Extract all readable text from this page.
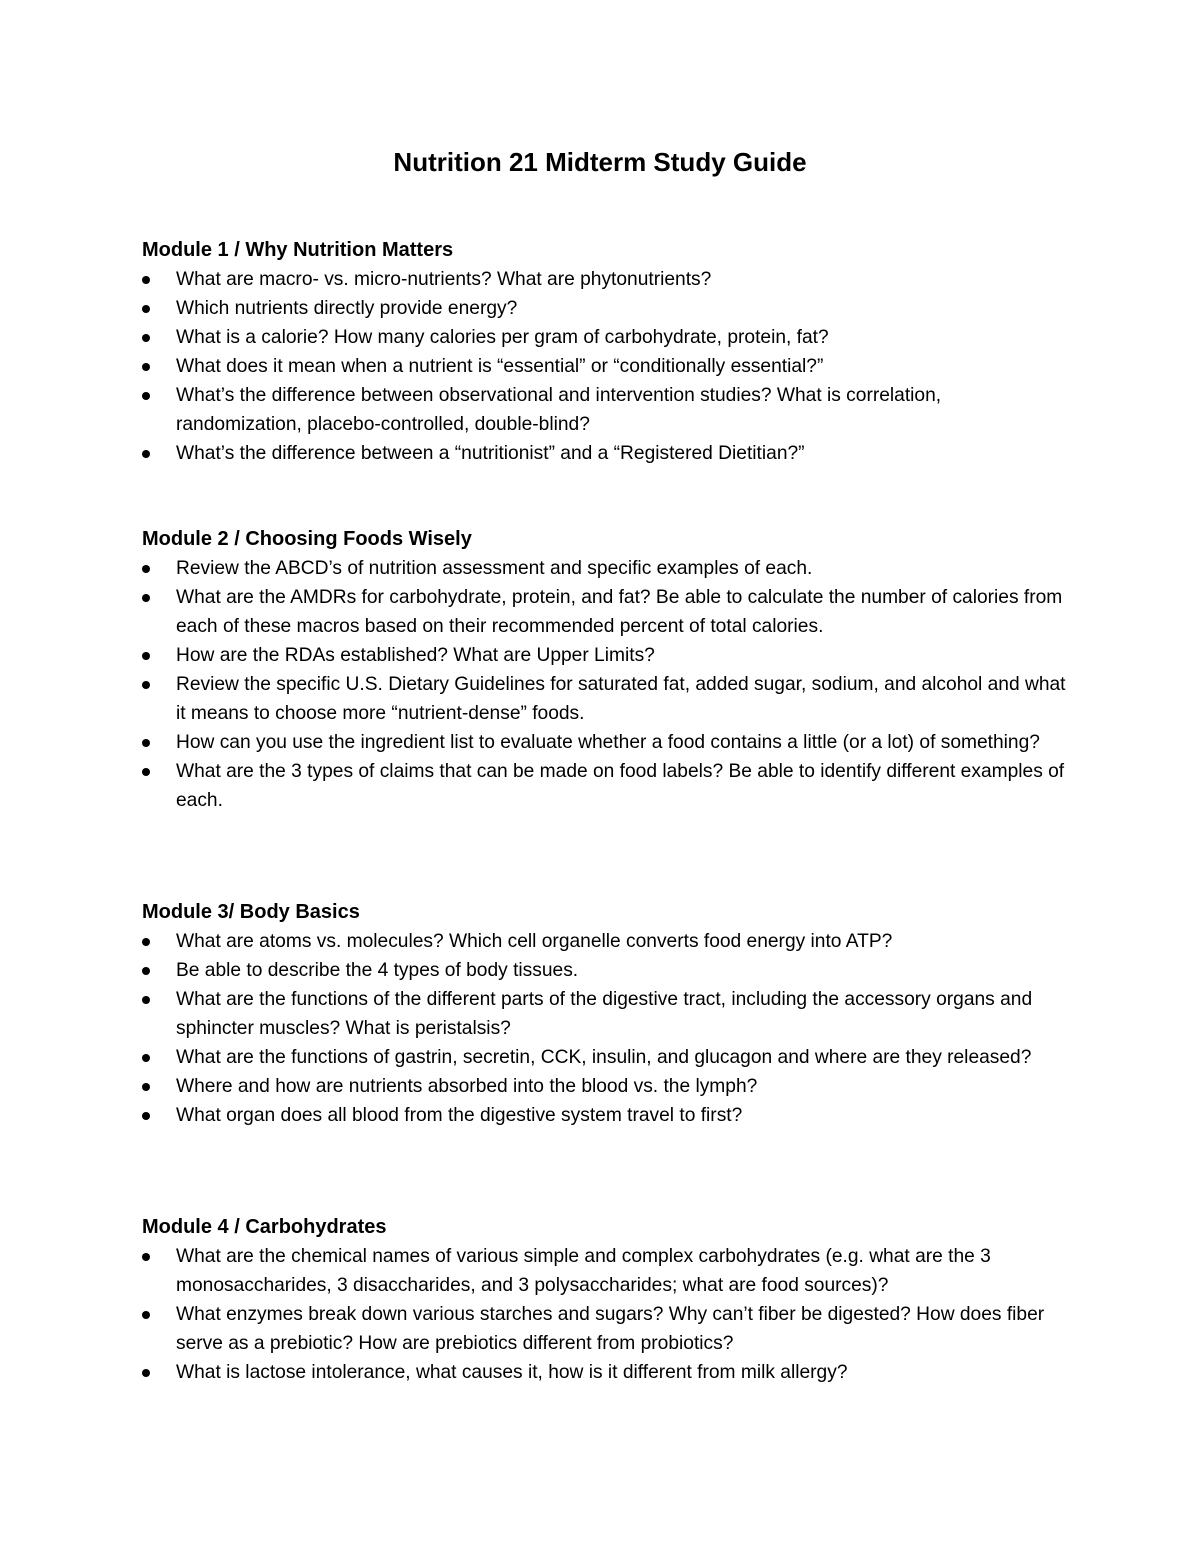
Nutrition 21 Midterm Study Guide
Module 1 / Why Nutrition Matters
What are macro- vs. micro-nutrients? What are phytonutrients?
Which nutrients directly provide energy?
What is a calorie? How many calories per gram of carbohydrate, protein, fat?
What does it mean when a nutrient is “essential” or “conditionally essential?”
What’s the difference between observational and intervention studies? What is correlation, randomization, placebo-controlled, double-blind?
What’s the difference between a “nutritionist” and a “Registered Dietitian?”
Module 2 / Choosing Foods Wisely
Review the ABCD’s of nutrition assessment and specific examples of each.
What are the AMDRs for carbohydrate, protein, and fat? Be able to calculate the number of calories from each of these macros based on their recommended percent of total calories.
How are the RDAs established? What are Upper Limits?
Review the specific U.S. Dietary Guidelines for saturated fat, added sugar, sodium, and alcohol and what it means to choose more “nutrient-dense” foods.
How can you use the ingredient list to evaluate whether a food contains a little (or a lot) of something?
What are the 3 types of claims that can be made on food labels? Be able to identify different examples of each.
Module 3/ Body Basics
What are atoms vs. molecules? Which cell organelle converts food energy into ATP?
Be able to describe the 4 types of body tissues.
What are the functions of the different parts of the digestive tract, including the accessory organs and sphincter muscles? What is peristalsis?
What are the functions of gastrin, secretin, CCK, insulin, and glucagon and where are they released?
Where and how are nutrients absorbed into the blood vs. the lymph?
What organ does all blood from the digestive system travel to first?
Module 4 / Carbohydrates
What are the chemical names of various simple and complex carbohydrates (e.g. what are the 3 monosaccharides, 3 disaccharides, and 3 polysaccharides; what are food sources)?
What enzymes break down various starches and sugars? Why can’t fiber be digested? How does fiber serve as a prebiotic? How are prebiotics different from probiotics?
What is lactose intolerance, what causes it, how is it different from milk allergy?
